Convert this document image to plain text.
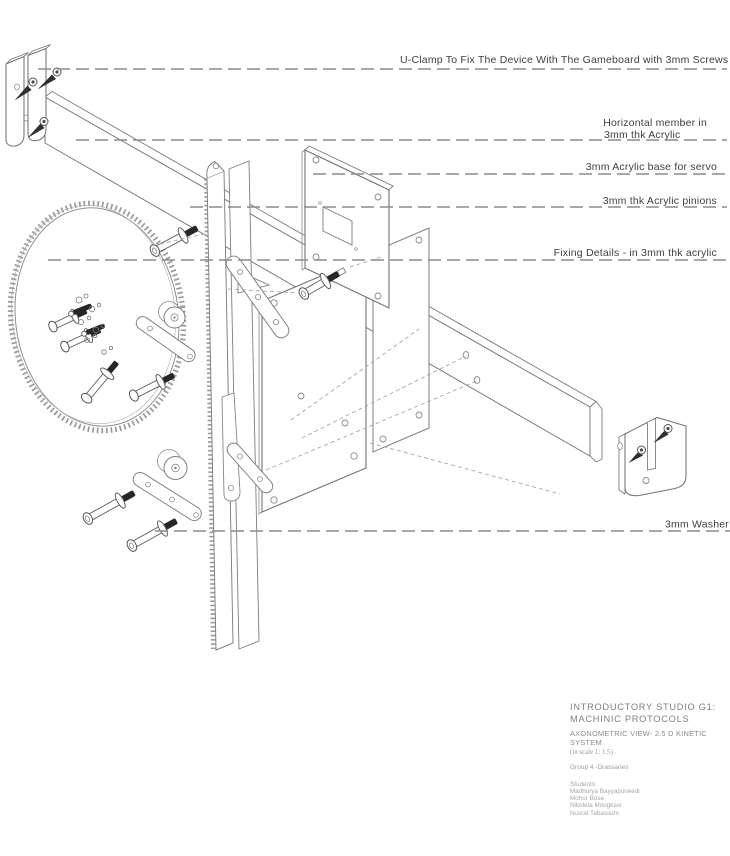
U-Clamp To Fix The Device With The Gameboard with 3mm Screws
Horizontal member in
3mm thk Acrylic
3mm Acrylic base for servo
3mm thk Acrylic pinions
Fixing Details - in 3mm thk acrylic
3mm Washer
INTRODUCTORY STUDIO G1:
MACHINIC PROTOCOLS
AXONOMETRIC VIEW- 2.5 D KINETIC SYSTEM
(in scale 1: 1.5)
Group 4 -Drassanes
Students:
Madhurya Bayyapuneedi
Mohor Bose
Nikoleta Mougkasi
Nusrat Tabassum
